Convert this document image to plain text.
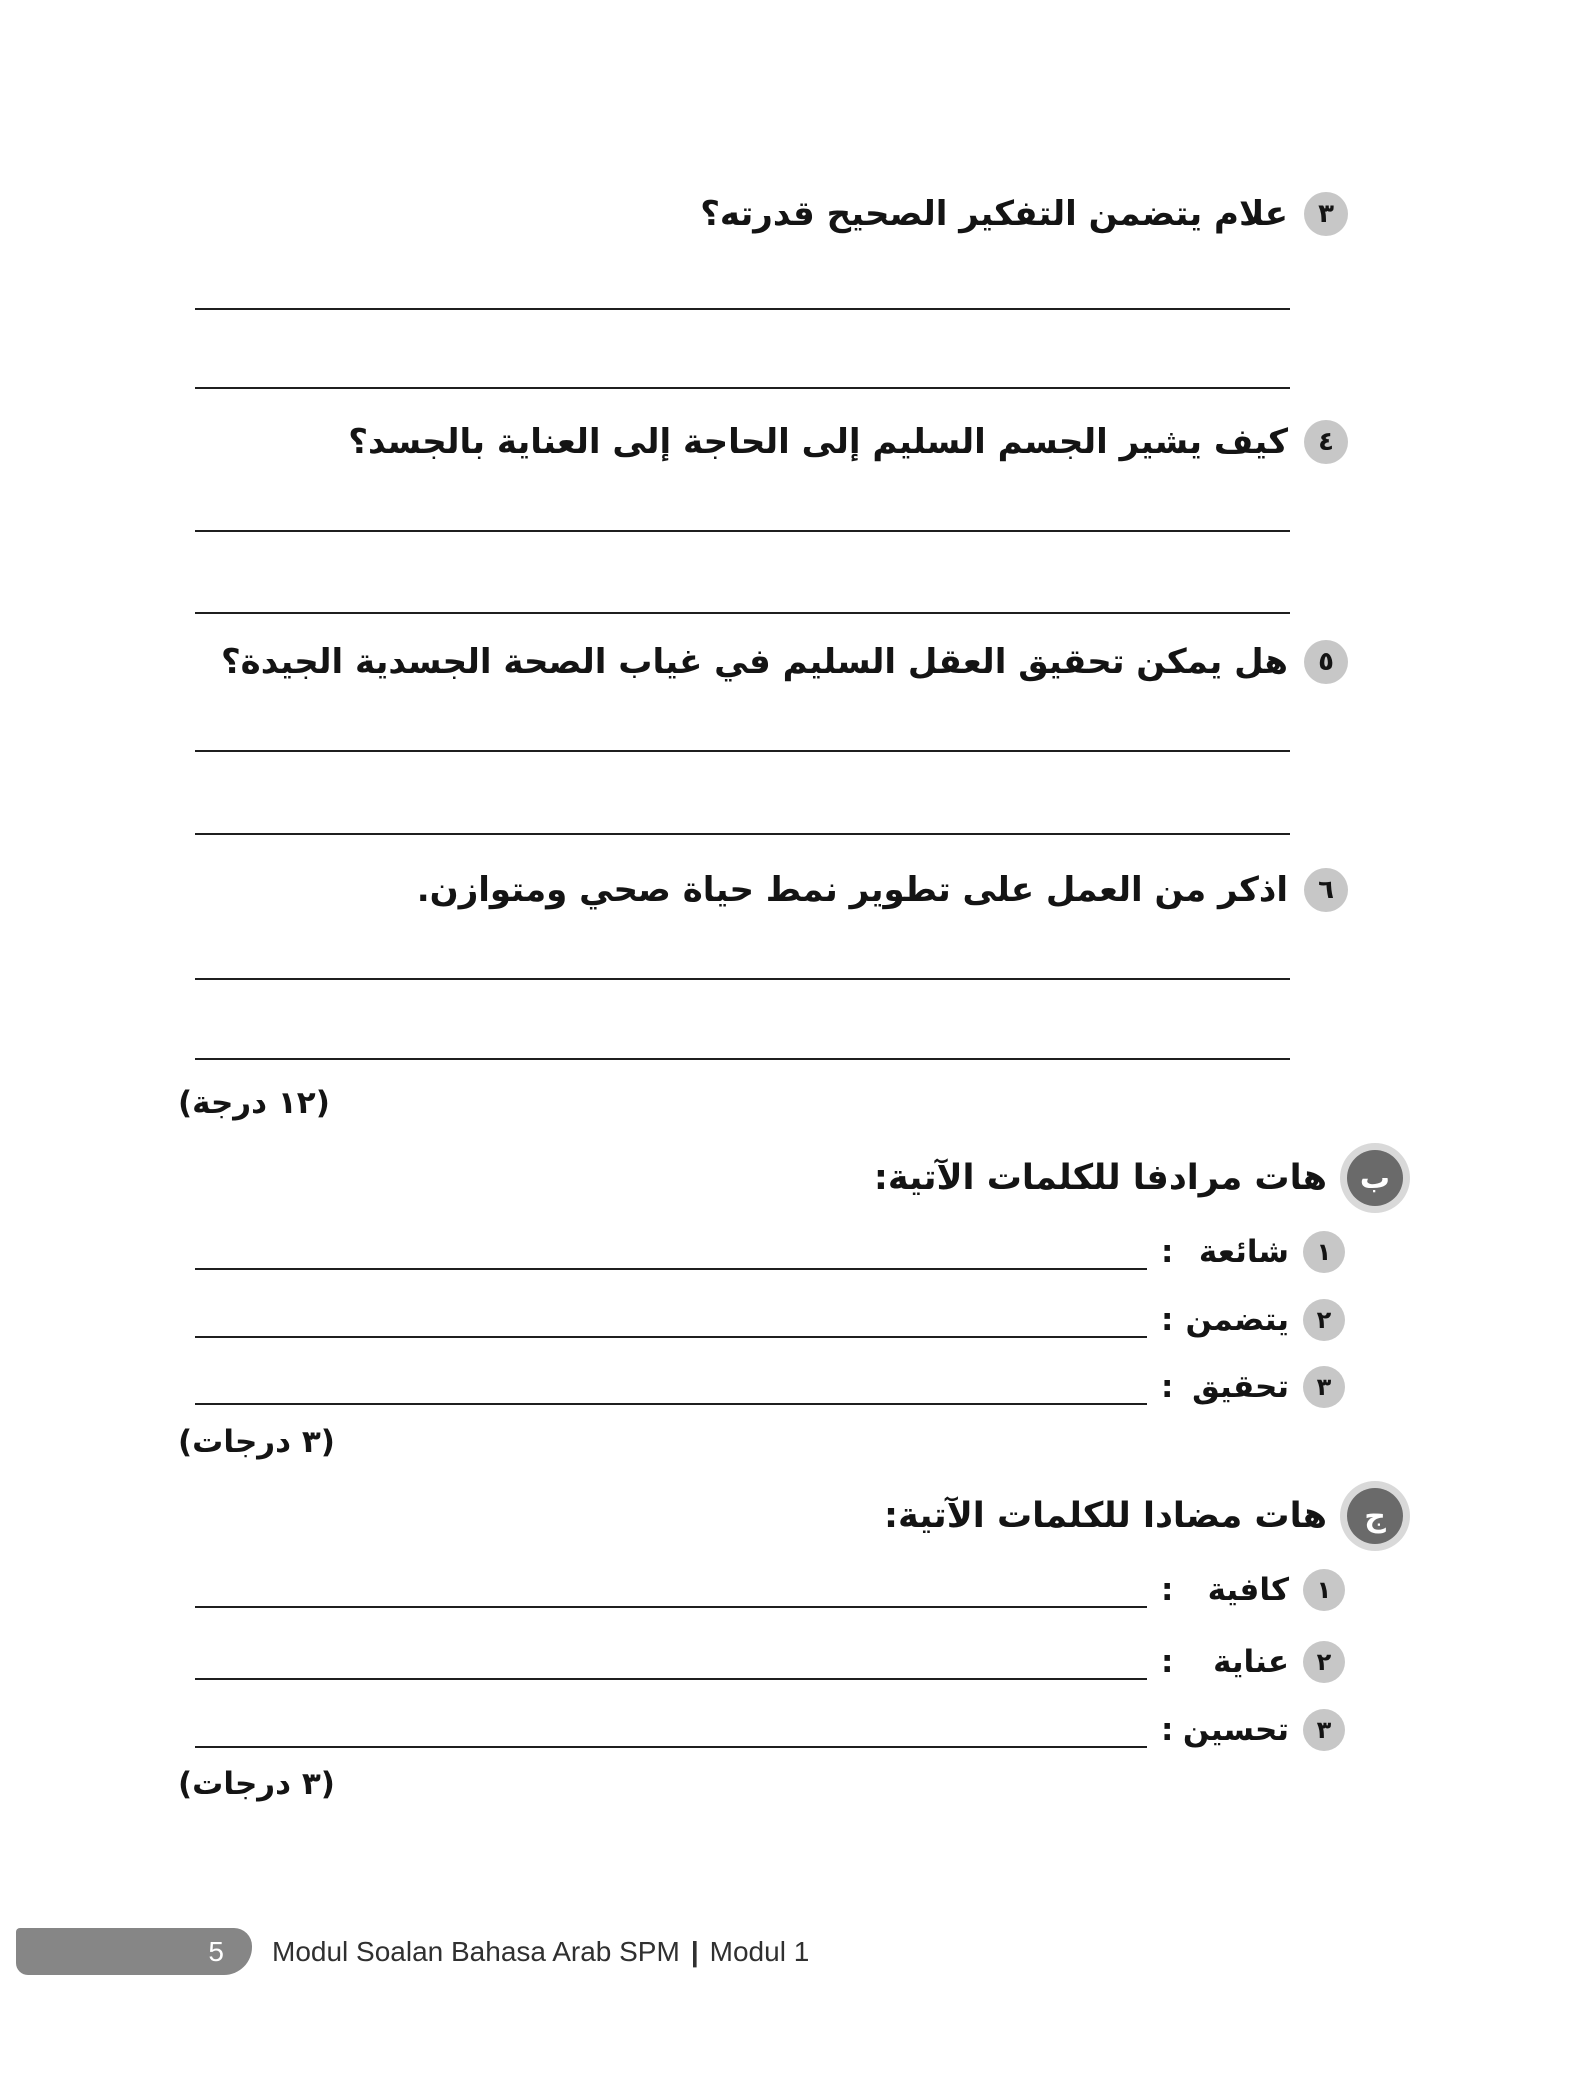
٣
علام يتضمن التفكير الصحيح قدرته؟
٤
كيف يشير الجسم السليم إلى الحاجة إلى العناية بالجسد؟
٥
هل يمكن تحقيق العقل السليم في غياب الصحة الجسدية الجيدة؟
٦
اذكر من العمل على تطوير نمط حياة صحي ومتوازن.
(١٢ درجة)
ب
هات مرادفا للكلمات الآتية:
١
شائعة
:
٢
يتضمن
:
٣
تحقيق
:
(٣ درجات)
ج
هات مضادا للكلمات الآتية:
١
كافية
:
٢
عناية
:
٣
تحسين
:
(٣ درجات)
5 Modul Soalan Bahasa Arab SPM | Modul 1
